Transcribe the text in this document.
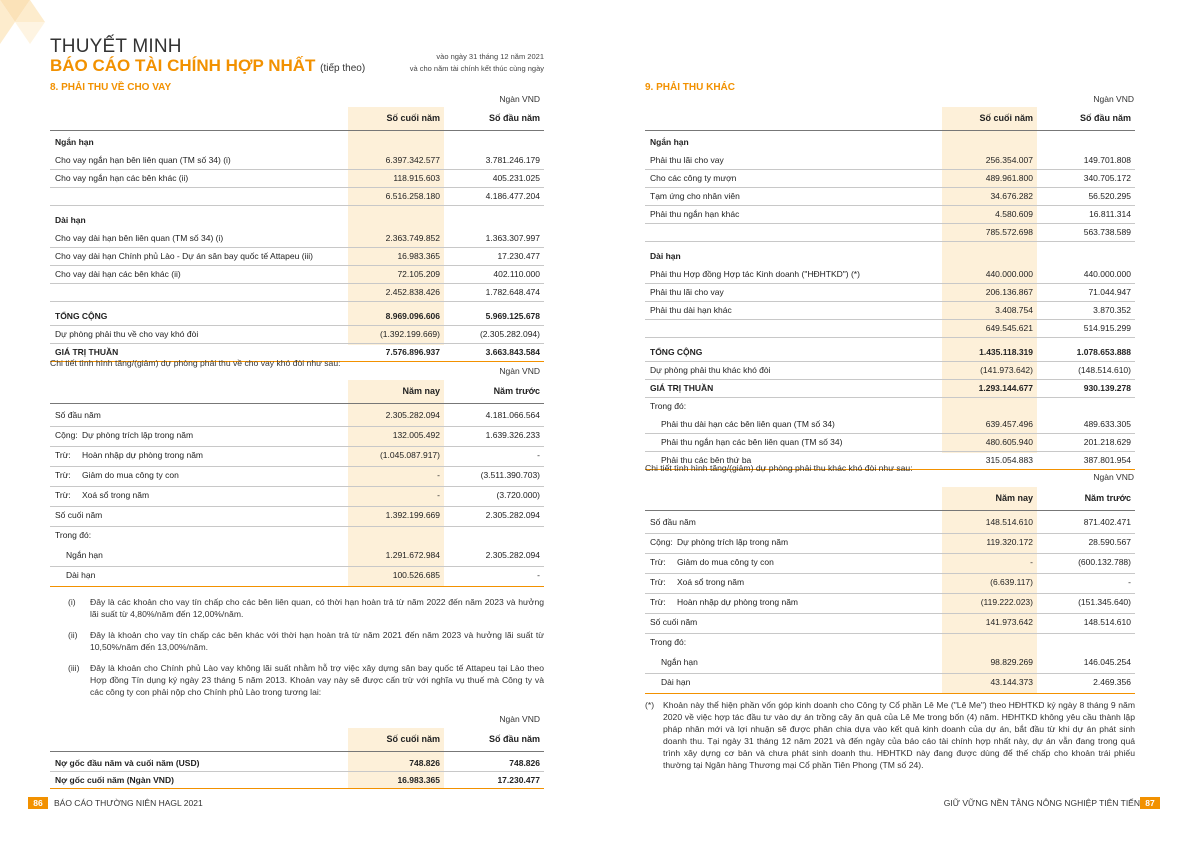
THUYẾT MINH
BÁO CÁO TÀI CHÍNH HỢP NHẤT (tiếp theo)
vào ngày 31 tháng 12 năm 2021
và cho năm tài chính kết thúc cùng ngày
8. PHẢI THU VỀ CHO VAY
Ngàn VND
Số cuối năm	Số đầu năm
Ngắn hạn
Cho vay ngắn hạn bên liên quan (TM số 34) (i)	6.397.342.577	3.781.246.179
Cho vay ngắn hạn các bên khác (ii)	118.915.603	405.231.025
6.516.258.180	4.186.477.204
Dài hạn
Cho vay dài hạn bên liên quan (TM số 34) (i)	2.363.749.852	1.363.307.997
Cho vay dài hạn Chính phủ Lào - Dự án sân bay quốc tế Attapeu (iii)	16.983.365	17.230.477
Cho vay dài hạn các bên khác (ii)	72.105.209	402.110.000
2.452.838.426	1.782.648.474
TỔNG CỘNG	8.969.096.606	5.969.125.678
Dự phòng phải thu về cho vay khó đòi	(1.392.199.669)	(2.305.282.094)
GIÁ TRỊ THUẦN	7.576.896.937	3.663.843.584
Chi tiết tình hình tăng/(giảm) dự phòng phải thu về cho vay khó đòi như sau:
Ngàn VND
Năm nay	Năm trước
Số đầu năm	2.305.282.094	4.181.066.564
Cộng: Dự phòng trích lập trong năm	132.005.492	1.639.326.233
Trừ: Hoàn nhập dự phòng trong năm	(1.045.087.917)	-
Trừ: Giảm do mua công ty con	-	(3.511.390.703)
Trừ: Xoá sổ trong năm	-	(3.720.000)
Số cuối năm	1.392.199.669	2.305.282.094
Trong đó:
Ngắn hạn	1.291.672.984	2.305.282.094
Dài hạn	100.526.685	-
(i) Đây là các khoản cho vay tín chấp cho các bên liên quan, có thời hạn hoàn trả từ năm 2022 đến năm 2023 và hưởng lãi suất từ 4,80%/năm đến 12,00%/năm.
(ii) Đây là khoản cho vay tín chấp các bên khác với thời hạn hoàn trả từ năm 2021 đến năm 2023 và hưởng lãi suất từ 10,50%/năm đến 13,00%/năm.
(iii) Đây là khoản cho Chính phủ Lào vay không lãi suất nhằm hỗ trợ việc xây dựng sân bay quốc tế Attapeu tại Lào theo Hợp đồng Tín dụng ký ngày 23 tháng 5 năm 2013. Khoản vay này sẽ được cấn trừ với nghĩa vụ thuế mà Công ty và các công ty con phải nộp cho Chính phủ Lào trong tương lai:
Ngàn VND
Số cuối năm	Số đầu năm
Nợ gốc đầu năm và cuối năm (USD)	748.826	748.826
Nợ gốc cuối năm (Ngàn VND)	16.983.365	17.230.477
86	BÁO CÁO THƯỜNG NIÊN HAGL 2021
9. PHẢI THU KHÁC
Ngàn VND
Số cuối năm	Số đầu năm
Ngắn hạn
Phải thu lãi cho vay	256.354.007	149.701.808
Cho các công ty mượn	489.961.800	340.705.172
Tạm ứng cho nhân viên	34.676.282	56.520.295
Phải thu ngắn hạn khác	4.580.609	16.811.314
785.572.698	563.738.589
Dài hạn
Phải thu Hợp đồng Hợp tác Kinh doanh ("HĐHTKD") (*)	440.000.000	440.000.000
Phải thu lãi cho vay	206.136.867	71.044.947
Phải thu dài hạn khác	3.408.754	3.870.352
649.545.621	514.915.299
TỔNG CỘNG	1.435.118.319	1.078.653.888
Dự phòng phải thu khác khó đòi	(141.973.642)	(148.514.610)
GIÁ TRỊ THUẦN	1.293.144.677	930.139.278
Trong đó:
Phải thu dài hạn các bên liên quan (TM số 34)	639.457.496	489.633.305
Phải thu ngắn hạn các bên liên quan (TM số 34)	480.605.940	201.218.629
Phải thu các bên thứ ba	315.054.883	387.801.954
Chi tiết tình hình tăng/(giảm) dự phòng phải thu khác khó đòi như sau:
Ngàn VND
Năm nay	Năm trước
Số đầu năm	148.514.610	871.402.471
Cộng: Dự phòng trích lập trong năm	119.320.172	28.590.567
Trừ: Giảm do mua công ty con	-	(600.132.788)
Trừ: Xoá sổ trong năm	(6.639.117)	-
Trừ: Hoàn nhập dự phòng trong năm	(119.222.023)	(151.345.640)
Số cuối năm	141.973.642	148.514.610
Trong đó:
Ngắn hạn	98.829.269	146.045.254
Dài hạn	43.144.373	2.469.356
(*) Khoản này thể hiện phần vốn góp kinh doanh cho Công ty Cổ phần Lê Me ("Lê Me") theo HĐHTKD ký ngày 8 tháng 9 năm 2020 về việc hợp tác đầu tư vào dự án trồng cây ăn quả của Lê Me trong bốn (4) năm. HĐHTKD không yêu cầu thành lập pháp nhân mới và lợi nhuận sẽ được phân chia dựa vào kết quả kinh doanh của dự án, bắt đầu từ khi dự án phát sinh doanh thu. Tại ngày 31 tháng 12 năm 2021 và đến ngày của báo cáo tài chính hợp nhất này, dự án vẫn đang trong quá trình xây dựng cơ bản và chưa phát sinh doanh thu. HĐHTKD này đang được dùng để thế chấp cho khoản trái phiếu thường tại Ngân hàng Thương mại Cổ phần Tiên Phong (TM số 24).
GIỮ VỮNG NỀN TẢNG NÔNG NGHIỆP TIÊN TIẾN 87
